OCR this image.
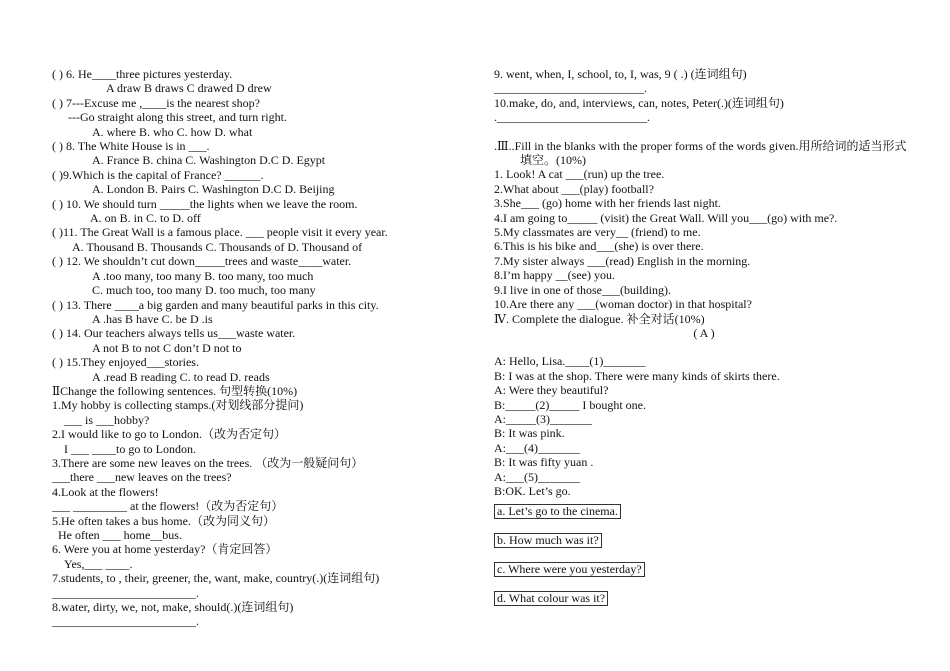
( ) 6. He____three pictures yesterday.
A draw B draws C drawed D drew
( ) 7---Excuse me ,____is the nearest shop?
---Go straight along this street, and turn right.
A. where B. who C. how D. what
( ) 8. The White House is in ___.
A. France B. china C. Washington D.C D. Egypt
( )9.Which is the capital of France? ______.
A. London B. Pairs C. Washington D.C D. Beijing
( ) 10. We should turn _____the lights when we leave the room.
A. on B. in C. to D. off
( )11. The Great Wall is a famous place. ___ people visit it every year.
A. Thousand B. Thousands C. Thousands of D. Thousand of
( ) 12. We shouldn’t cut down_____trees and waste____water.
A .too many, too many B. too many, too much
C. much too, too many D. too much, too many
( ) 13. There ____a big garden and many beautiful parks in this city.
A .has B have C. be D .is
( ) 14. Our teachers always tells us___waste water.
A not B to not C don’t D not to
( ) 15.They enjoyed___stories.
A .read B reading C. to read D. reads
ⅡChange the following sentences. 句型转换(10%)
1.My hobby is collecting stamps.(对划线部分提问)
___ is ___hobby?
2.I would like to go to London.（改为否定句）
I ___ ____to go to London.
3.There are some new leaves on the trees. （改为一般疑问句）
___there ___new leaves on the trees?
4.Look at the flowers!
___ _________ at the flowers!（改为否定句）
5.He often takes a bus home.（改为同义句）
He often ___ home__bus.
6. Were you at home yesterday?（肯定回答）
Yes,___ ____.
7.students, to , their, greener, the, want, make, country(.)(连词组句)
________________________.
8.water, dirty, we, not, make, should(.)(连词组句)
________________________.
9. went, when, I, school, to, I, was, 9 ( .) (连词组句)
_________________________.
10.make, do, and, interviews, can, notes, Peter(.)(连词组句)
._________________________.
.Ⅲ..Fill in the blanks with the proper forms of the words given.用所给词的适当形式填空。(10%)
1. Look! A cat ___(run) up the tree.
2.What about ___(play) football?
3.She___ (go) home with her friends last night.
4.I am going to_____ (visit) the Great Wall. Will you___(go) with me?.
5.My classmates are very__ (friend) to me.
6.This is his bike and___(she) is over there.
7.My sister always ___(read) English in the morning.
8.I’m happy __(see) you.
9.I live in one of those___(building).
10.Are there any ___(woman doctor) in that hospital?
Ⅳ. Complete the dialogue. 补全对话(10%)
( A )
A: Hello, Lisa.____(1)_______
B: I was at the shop. There were many kinds of skirts there.
A: Were they beautiful?
B:_____(2)_____ I bought one.
A:_____(3)_______
B: It was pink.
A:___(4)_______
B: It was fifty yuan .
A:___(5)_______
B:OK. Let’s go.
a. Let’s go to the cinema.
b. How much was it?
c. Where were you yesterday?
d. What colour was it?
